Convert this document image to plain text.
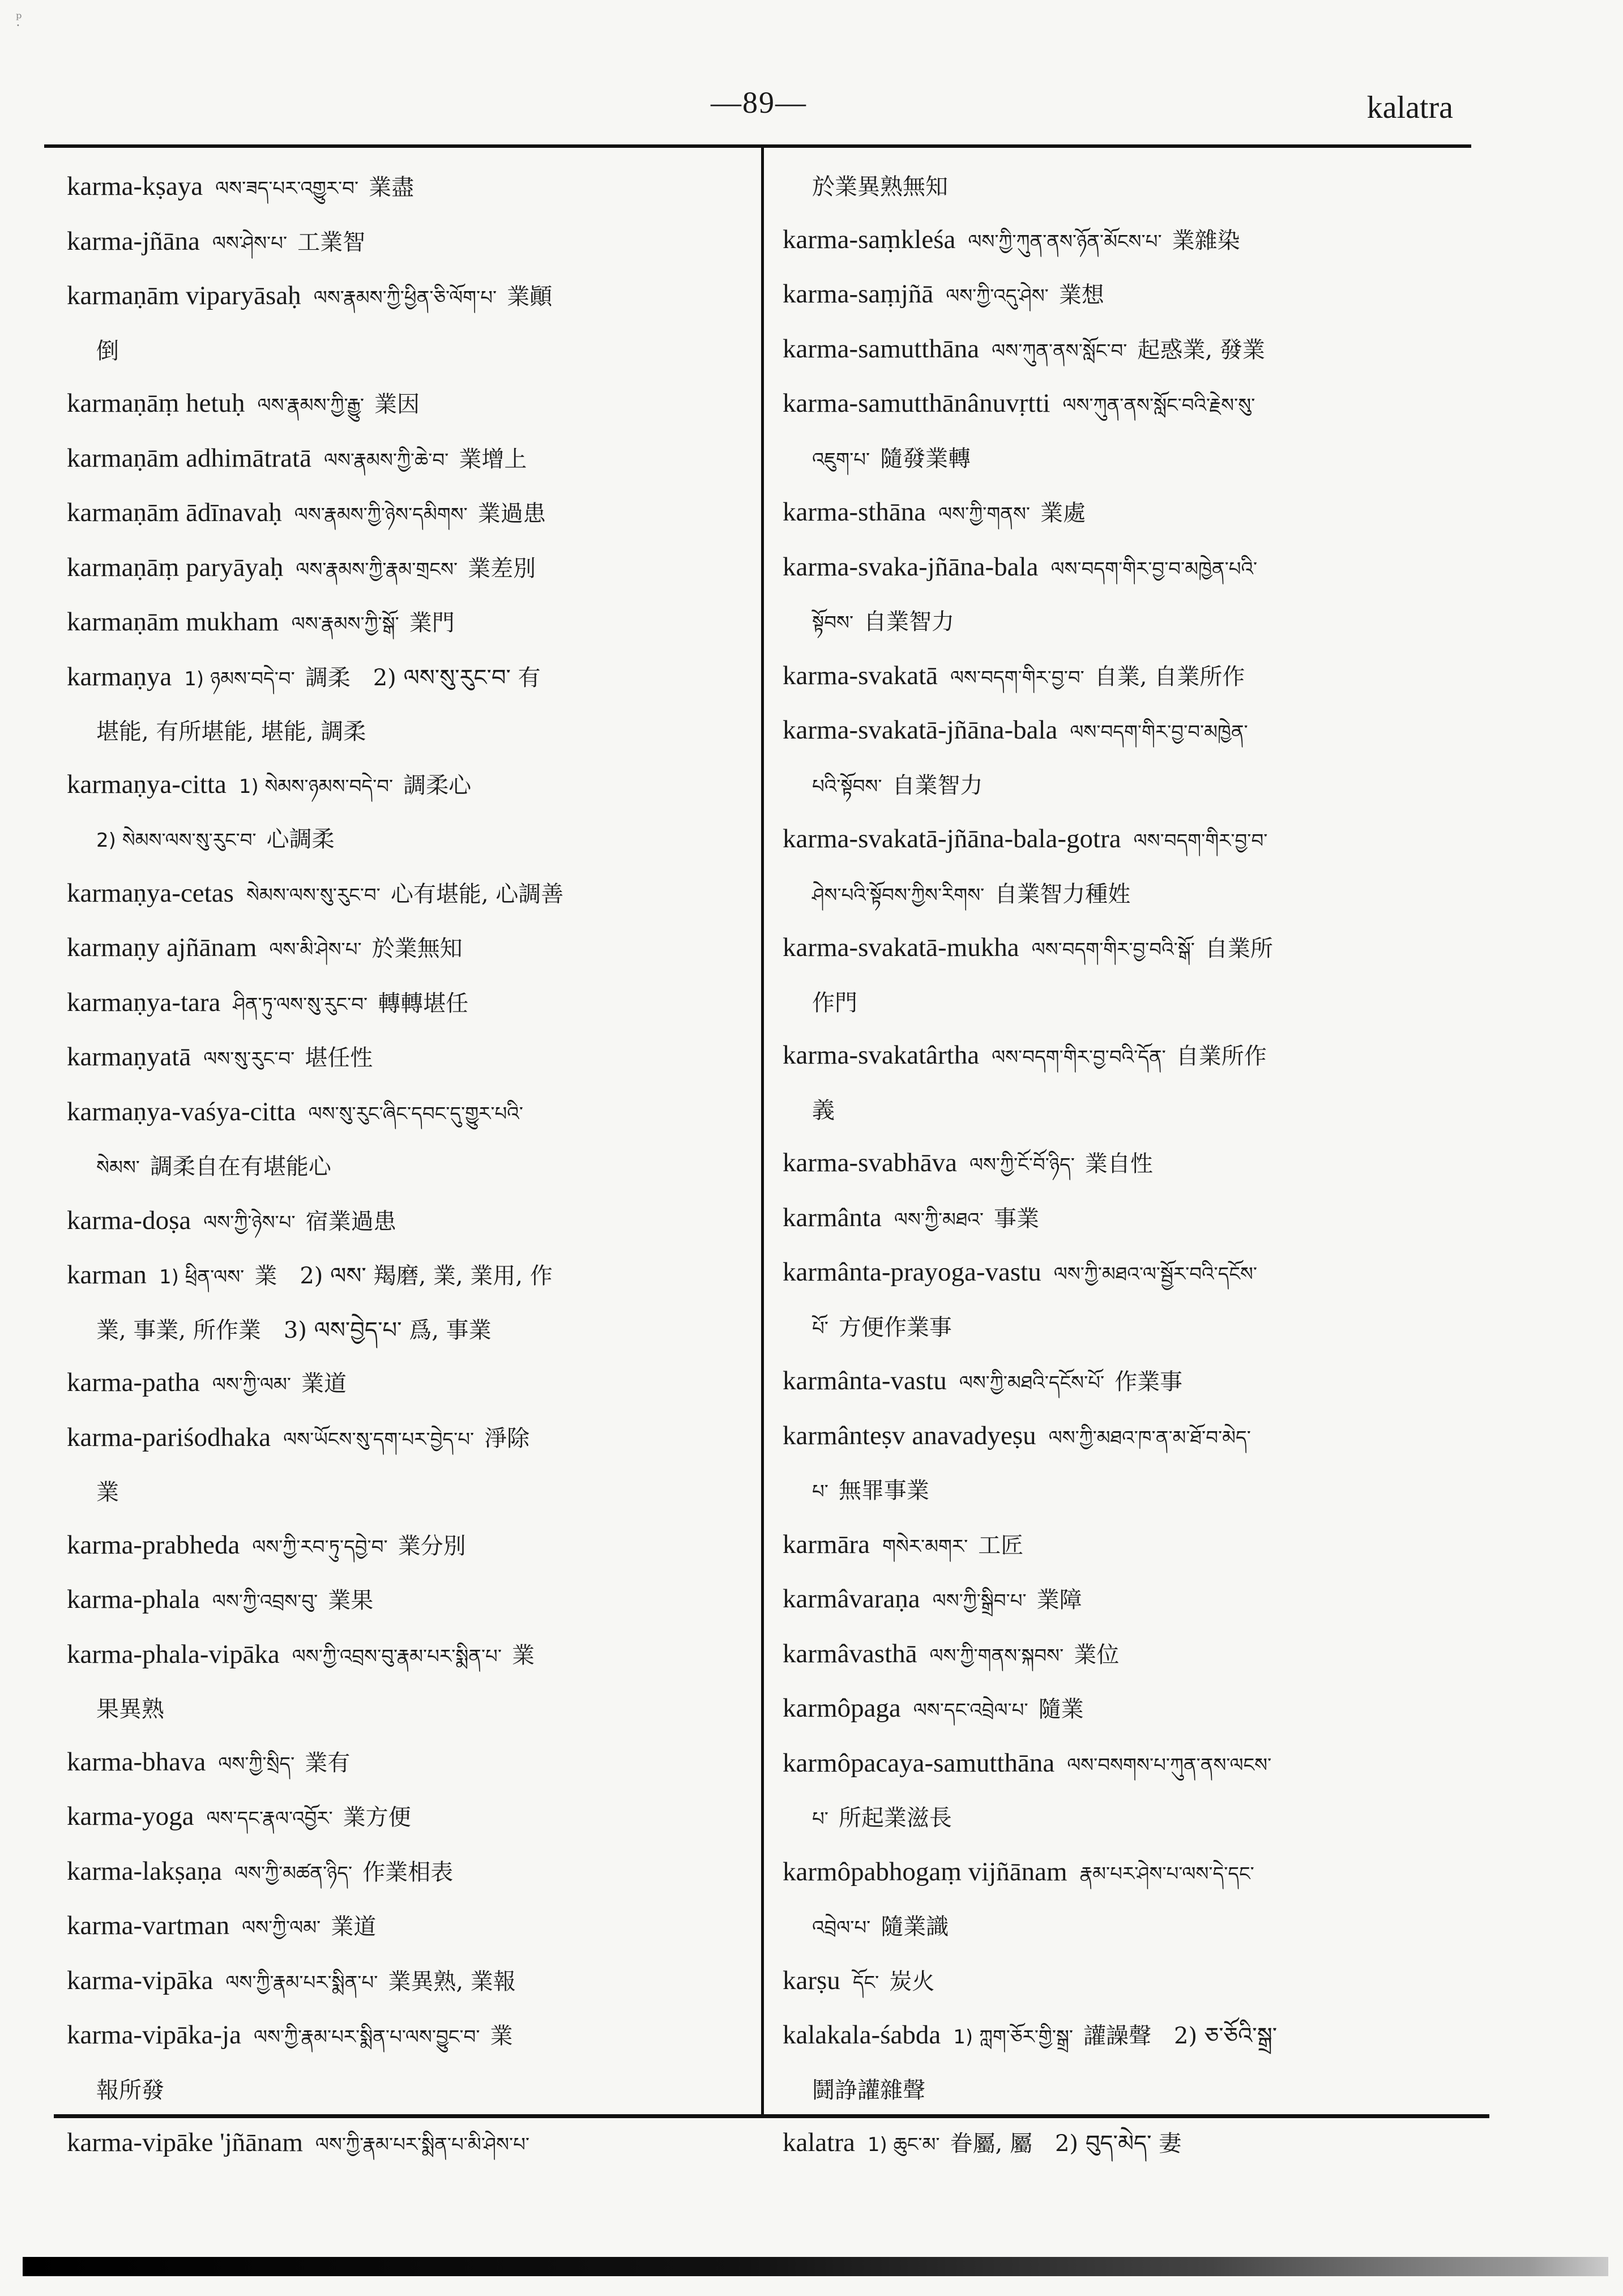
ᵖ̣
—89—	kalatra
karma-kṣaya ལས་ཟད་པར་འགྱུར་བ་ 業盡
karma-jñāna ལས་ཤེས་པ་ 工業智
karmaṇām viparyāsaḥ ལས་རྣམས་ཀྱི་ཕྱིན་ཅི་ལོག་པ་ 業顚
倒
karmaṇāṃ hetuḥ ལས་རྣམས་ཀྱི་རྒྱུ་ 業因
karmaṇām adhimātratā ལས་རྣམས་ཀྱི་ཆེ་བ་ 業增上
karmaṇām ādīnavaḥ ལས་རྣམས་ཀྱི་ཉེས་དམིགས་ 業過患
karmaṇāṃ paryāyaḥ ལས་རྣམས་ཀྱི་རྣམ་གྲངས་ 業差別
karmaṇām mukham ལས་རྣམས་ཀྱི་སྒོ་ 業門
karmaṇya 1) ཉམས་བདེ་བ་ 調柔　2) ལས་སུ་རུང་བ་ 有
堪能, 有所堪能, 堪能, 調柔
karmaṇya-citta 1) སེམས་ཉམས་བདེ་བ་ 調柔心
2) སེམས་ལས་སུ་རུང་བ་ 心調柔
karmaṇya-cetas སེམས་ལས་སུ་རུང་བ་ 心有堪能, 心調善
karmaṇy ajñānam ལས་མི་ཤེས་པ་ 於業無知
karmaṇya-tara ཤིན་ཏུ་ལས་སུ་རུང་བ་ 轉轉堪任
karmaṇyatā ལས་སུ་རུང་བ་ 堪任性
karmaṇya-vaśya-citta ལས་སུ་རུང་ཞིང་དབང་དུ་གྱུར་པའི་
སེམས་ 調柔自在有堪能心
karma-doṣa ལས་ཀྱི་ཉེས་པ་ 宿業過患
karman 1) ཕྲིན་ལས་ 業　2) ལས་ 羯磨, 業, 業用, 作
業, 事業, 所作業　3) ལས་བྱེད་པ་ 爲, 事業
karma-patha ལས་ཀྱི་ལམ་ 業道
karma-pariśodhaka ལས་ཡོངས་སུ་དག་པར་བྱེད་པ་ 淨除
業
karma-prabheda ལས་ཀྱི་རབ་ཏུ་དབྱེ་བ་ 業分別
karma-phala ལས་ཀྱི་འབྲས་བུ་ 業果
karma-phala-vipāka ལས་ཀྱི་འབྲས་བུ་རྣམ་པར་སྨིན་པ་ 業
果異熟
karma-bhava ལས་ཀྱི་སྲིད་ 業有
karma-yoga ལས་དང་རྣལ་འབྱོར་ 業方便
karma-lakṣaṇa ལས་ཀྱི་མཚན་ཉིད་ 作業相表
karma-vartman ལས་ཀྱི་ལམ་ 業道
karma-vipāka ལས་ཀྱི་རྣམ་པར་སྨིན་པ་ 業異熟, 業報
karma-vipāka-ja ལས་ཀྱི་རྣམ་པར་སྨིན་པ་ལས་བྱུང་བ་ 業
報所發
karma-vipāke 'jñānam ལས་ཀྱི་རྣམ་པར་སྨིན་པ་མི་ཤེས་པ་
於業異熟無知
karma-saṃkleśa ལས་ཀྱི་ཀུན་ནས་ཉོན་མོངས་པ་ 業雜染
karma-saṃjñā ལས་ཀྱི་འདུ་ཤེས་ 業想
karma-samutthāna ལས་ཀུན་ནས་སློང་བ་ 起惑業, 發業
karma-samutthānânuvṛtti ལས་ཀུན་ནས་སློང་བའི་རྗེས་སུ་
འཇུག་པ་ 隨發業轉
karma-sthāna ལས་ཀྱི་གནས་ 業處
karma-svaka-jñāna-bala ལས་བདག་གིར་བྱ་བ་མཁྱེན་པའི་
སྟོབས་ 自業智力
karma-svakatā ལས་བདག་གིར་བྱ་བ་ 自業, 自業所作
karma-svakatā-jñāna-bala ལས་བདག་གིར་བྱ་བ་མཁྱེན་
པའི་སྟོབས་ 自業智力
karma-svakatā-jñāna-bala-gotra ལས་བདག་གིར་བྱ་བ་
ཤེས་པའི་སྟོབས་ཀྱིས་རིགས་ 自業智力種姓
karma-svakatā-mukha ལས་བདག་གིར་བྱ་བའི་སྒོ་ 自業所
作門
karma-svakatârtha ལས་བདག་གིར་བྱ་བའི་དོན་ 自業所作
義
karma-svabhāva ལས་ཀྱི་ངོ་བོ་ཉིད་ 業自性
karmânta ལས་ཀྱི་མཐའ་ 事業
karmânta-prayoga-vastu ལས་ཀྱི་མཐའ་ལ་སྦྱོར་བའི་དངོས་
པོ་ 方便作業事
karmânta-vastu ལས་ཀྱི་མཐའི་དངོས་པོ་ 作業事
karmânteṣv anavadyeṣu ལས་ཀྱི་མཐའ་ཁ་ན་མ་ཐོ་བ་མེད་
པ་ 無罪事業
karmāra གསེར་མགར་ 工匠
karmâvaraṇa ལས་ཀྱི་སྒྲིབ་པ་ 業障
karmâvasthā ལས་ཀྱི་གནས་སྐབས་ 業位
karmôpaga ལས་དང་འབྲེལ་པ་ 隨業
karmôpacaya-samutthāna ལས་བསགས་པ་ཀུན་ནས་ལངས་
པ་ 所起業滋長
karmôpabhogaṃ vijñānam རྣམ་པར་ཤེས་པ་ལས་དེ་དང་
འབྲེལ་པ་ 隨業識
karṣu དོང་ 炭火
kalakala-śabda 1) ཀླག་ཅོར་གྱི་སྒྲ་ 讙譟聲　2) ཅ་ཅོའི་སྒྲ་
鬪諍讙雜聲
kalatra 1) ཆུང་མ་ 眷屬, 屬　2) བུད་མེད་ 妻
